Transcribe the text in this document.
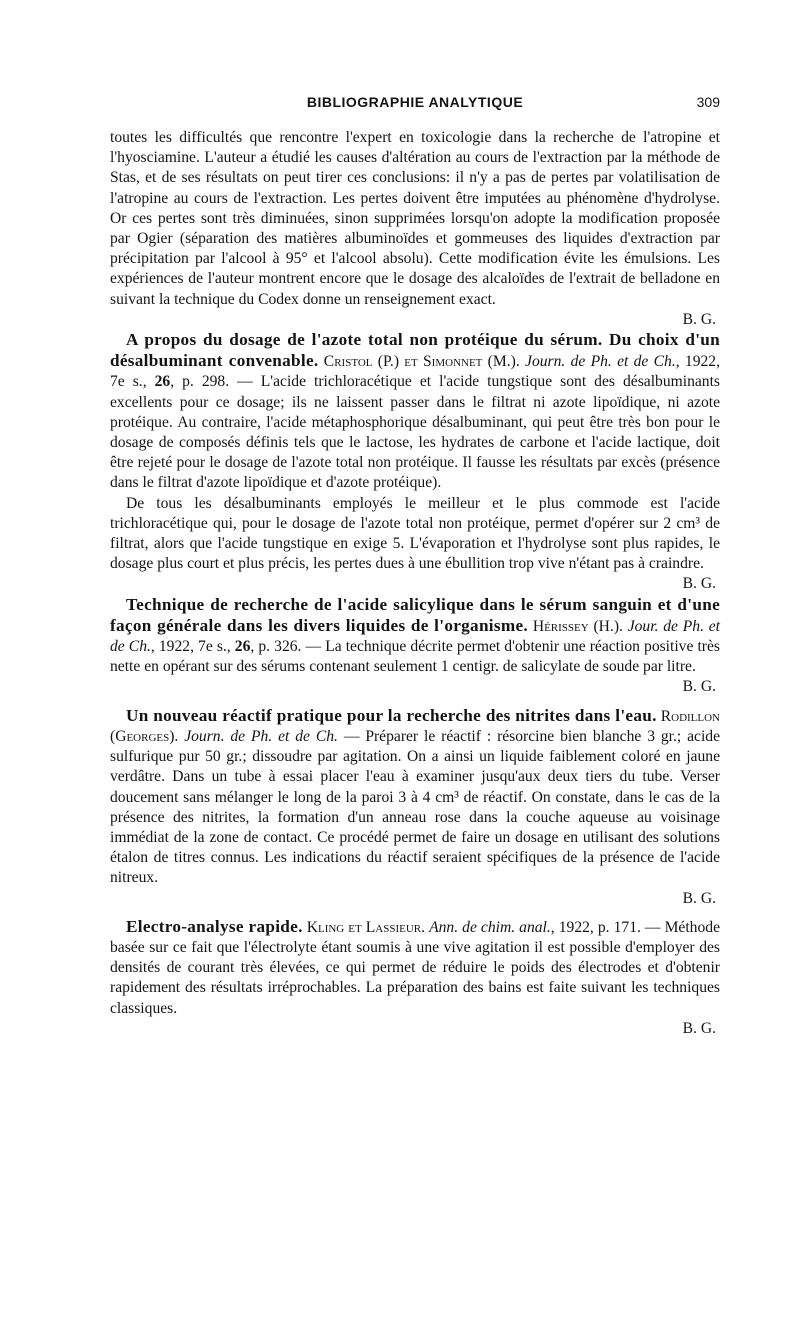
BIBLIOGRAPHIE ANALYTIQUE	309

toutes les difficultés que rencontre l'expert en toxicologie dans la recherche de l'atropine et l'hyosciamine. L'auteur a étudié les causes d'altération au cours de l'extraction par la méthode de Stas, et de ses résultats on peut tirer ces conclusions: il n'y a pas de pertes par volatilisation de l'atropine au cours de l'extraction. Les pertes doivent être imputées au phénomène d'hydrolyse. Or ces pertes sont très diminuées, sinon supprimées lorsqu'on adopte la modification proposée par Ogier (séparation des matières albuminoïdes et gommeuses des liquides d'extraction par précipitation par l'alcool à 95° et l'alcool absolu). Cette modification évite les émulsions. Les expériences de l'auteur montrent encore que le dosage des alcaloïdes de l'extrait de belladone en suivant la technique du Codex donne un renseignement exact.

B. G.

A propos du dosage de l'azote total non protéique du sérum. Du choix d'un désalbuminant convenable. Cristol (P.) et Simonnet (M.). Journ. de Ph. et de Ch., 1922, 7e s., 26, p. 298. — L'acide trichloracétique et l'acide tungstique sont des désalbuminants excellents pour ce dosage; ils ne laissent passer dans le filtrat ni azote lipoïdique, ni azote protéique. Au contraire, l'acide métaphosphorique désalbuminant, qui peut être très bon pour le dosage de composés définis tels que le lactose, les hydrates de carbone et l'acide lactique, doit être rejeté pour le dosage de l'azote total non protéique. Il fausse les résultats par excès (présence dans le filtrat d'azote lipoïdique et d'azote protéique).

De tous les désalbuminants employés le meilleur et le plus commode est l'acide trichloracétique qui, pour le dosage de l'azote total non protéique, permet d'opérer sur 2 cm³ de filtrat, alors que l'acide tungstique en exige 5. L'évaporation et l'hydrolyse sont plus rapides, le dosage plus court et plus précis, les pertes dues à une ébullition trop vive n'étant pas à craindre.

B. G.

Technique de recherche de l'acide salicylique dans le sérum sanguin et d'une façon générale dans les divers liquides de l'organisme. Hérissey (H.). Jour. de Ph. et de Ch., 1922, 7e s., 26, p. 326. — La technique décrite permet d'obtenir une réaction positive très nette en opérant sur des sérums contenant seulement 1 centigr. de salicylate de soude par litre.

B. G.

Un nouveau réactif pratique pour la recherche des nitrites dans l'eau. Rodillon (Georges). Journ. de Ph. et de Ch. — Préparer le réactif : résorcine bien blanche 3 gr.; acide sulfurique pur 50 gr.; dissoudre par agitation. On a ainsi un liquide faiblement coloré en jaune verdâtre. Dans un tube à essai placer l'eau à examiner jusqu'aux deux tiers du tube. Verser doucement sans mélanger le long de la paroi 3 à 4 cm³ de réactif. On constate, dans le cas de la présence des nitrites, la formation d'un anneau rose dans la couche aqueuse au voisinage immédiat de la zone de contact. Ce procédé permet de faire un dosage en utilisant des solutions étalon de titres connus. Les indications du réactif seraient spécifiques de la présence de l'acide nitreux.

B. G.

Electro-analyse rapide. Kling et Lassieur. Ann. de chim. anal., 1922, p. 171. — Méthode basée sur ce fait que l'électrolyte étant soumis à une vive agitation il est possible d'employer des densités de courant très élevées, ce qui permet de réduire le poids des électrodes et d'obtenir rapidement des résultats irréprochables. La préparation des bains est faite suivant les techniques classiques.

B. G.
